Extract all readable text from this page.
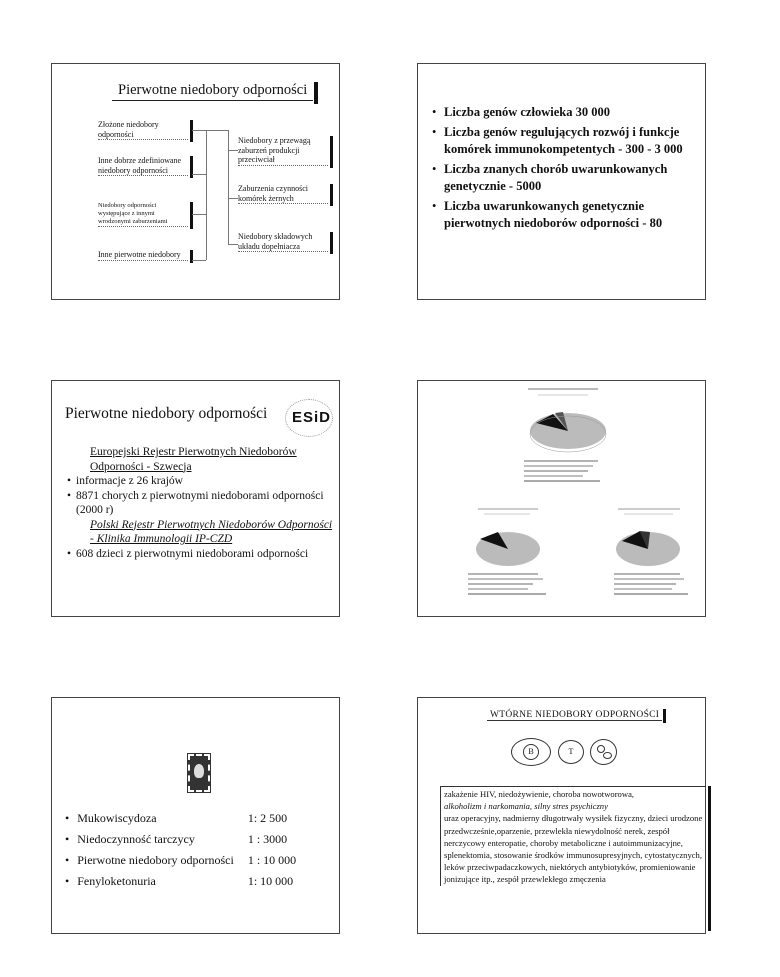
Pierwotne niedobory odporności
Złożone niedobory odporności
Inne dobrze zdefiniowane niedobory odporności
Niedobory odporności występujące z innymi wrodzonymi zaburzeniami
Inne pierwotne niedobory
Niedobory z przewagą zaburzeń produkcji przeciwciał
Zaburzenia czynności komórek żernych
Niedobory składowych układu dopełniacza
• Liczba genów człowieka 30 000
• Liczba genów regulujących rozwój i funkcje komórek immunokompetentych - 300 - 3 000
• Liczba znanych chorób uwarunkowanych genetycznie - 5000
• Liczba uwarunkowanych genetycznie pierwotnych niedoborów odporności - 80
Pierwotne niedobory odporności ESiD
Europejski Rejestr Pierwotnych Niedoborów Odporności - Szwecja
• informacje z 26 krajów
• 8871 chorych z pierwotnymi niedoborami odporności (2000 r)
Polski Rejestr Pierwotnych Niedoborów Odporności - Klinika Immunologii IP-CZD
• 608 dzieci z pierwotnymi niedoborami odporności
•	Mukowiscydoza	1: 2 500
•	Niedoczynność tarczycy	1 : 3000
•	Pierwotne niedobory odporności	1 : 10 000
•	Fenyloketonuria	1: 10 000
WTÓRNE NIEDOBORY ODPORNOŚCI
B	T
zakażenie HIV, niedożywienie, choroba nowotworowa,
alkoholizm i narkomania, silny stres psychiczny
uraz operacyjny, nadmierny długotrwały wysiłek fizyczny, dzieci urodzone przedwcześnie,oparzenie, przewlekła niewydolność nerek, zespół nerczycowy enteropatie, choroby metaboliczne i autoimmunizacyjne, splenektomia, stosowanie środków immunosupresyjnych, cytostatycznych, leków przeciwpadaczkowych, niektórych antybiotyków, promieniowanie jonizujące itp., zespół przewlekłego zmęczenia
